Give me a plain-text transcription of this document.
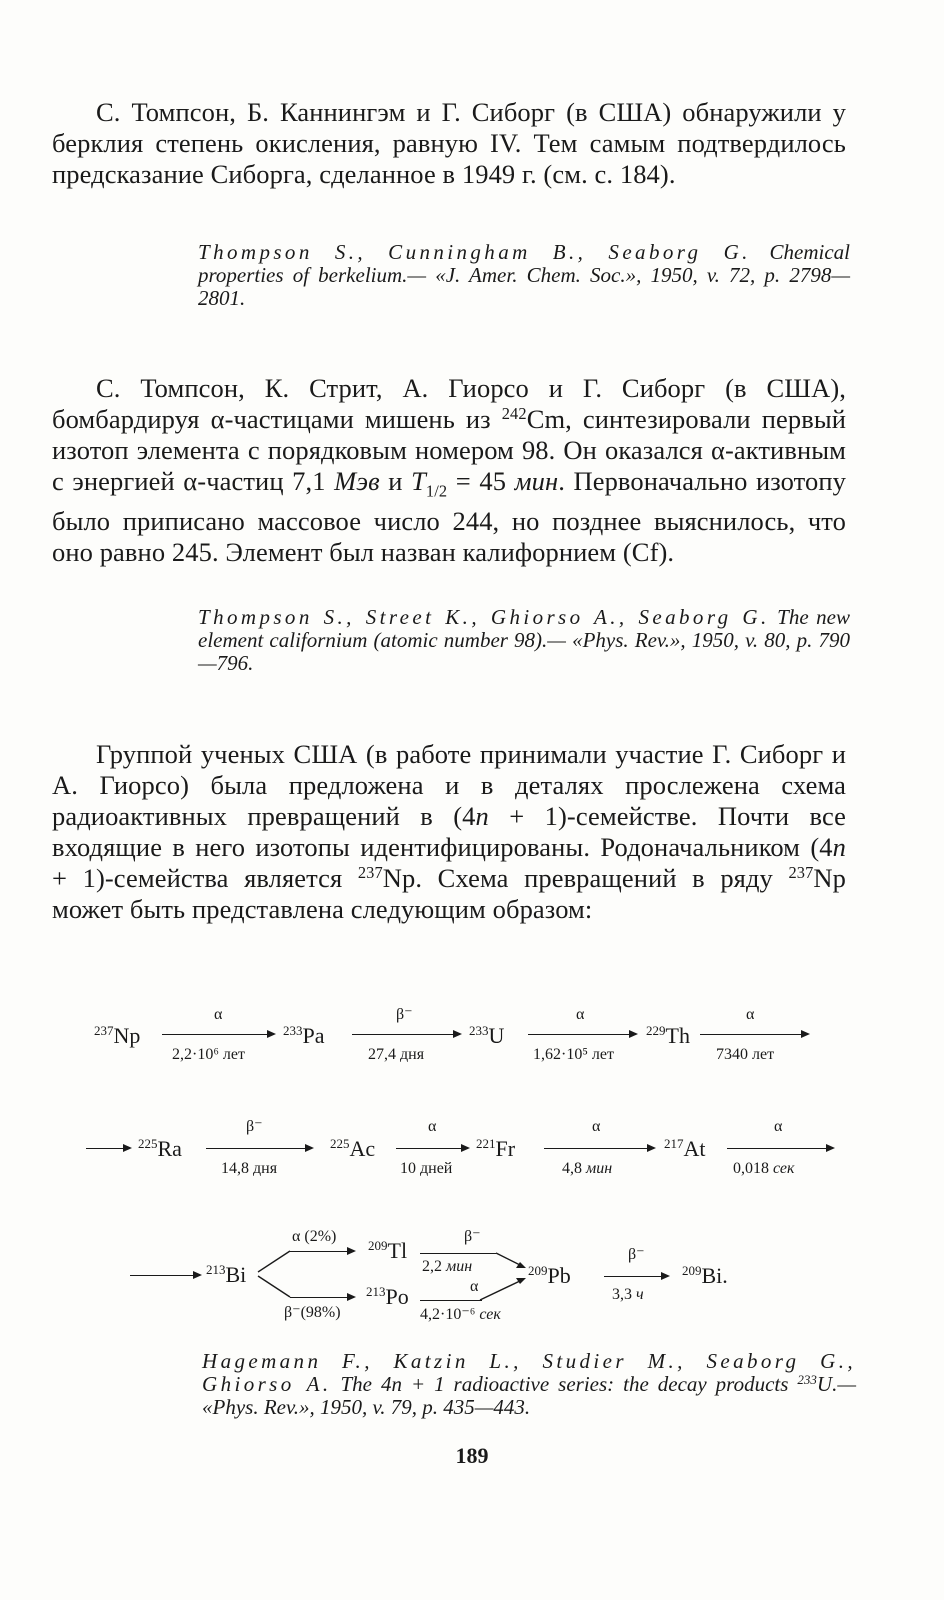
С. Томпсон, Б. Каннингэм и Г. Сиборг (в США) обнаружили у берклия степень окисления, равную IV. Тем самым подтвердилось предсказание Сиборга, сделанное в 1949 г. (см. с. 184).

Thompson S., Cunningham B., Seaborg G. Chemical properties of berkelium.— «J. Amer. Chem. Soc.», 1950, v. 72, p. 2798—2801.

С. Томпсон, К. Стрит, А. Гиорсо и Г. Сиборг (в США), бомбардируя α-частицами мишень из $^{242}$Cm, синтезировали первый изотоп элемента с порядковым номером 98. Он оказался α-активным с энергией α-частиц 7,1 Мэв и $T_{1/2} = 45$ мин. Первоначально изотопу было приписано массовое число 244, но позднее выяснилось, что оно равно 245. Элемент был назван калифорнием (Cf).

Thompson S., Street K., Ghiorso A., Seaborg G. The new element californium (atomic number 98).— «Phys. Rev.», 1950, v. 80, p. 790—796.

Группой ученых США (в работе принимали участие Г. Сиборг и А. Гиорсо) была предложена и в деталях прослежена схема радиоактивных превращений в (4n + 1)-семействе. Почти все входящие в него изотопы идентифицированы. Родоначальником (4n + 1)-семейства является $^{237}$Np. Схема превращений в ряду $^{237}$Np может быть представлена следующим образом:

$^{237}$Np
α
2,2·10⁶ лет
$^{233}$Pa
β⁻
27,4 дня
$^{233}$U
α
1,62·10⁵ лет
$^{229}$Th
α
7340 лет
$^{225}$Ra
β⁻
14,8 дня
$^{225}$Ac
α
10 дней
$^{221}$Fr
α
4,8 мин
$^{217}$At
α
0,018 сек
$^{213}$Bi
α (2%)
$^{209}$Tl
β⁻
2,2 мин
β⁻(98%)
$^{213}$Po	α
4,2·10⁻⁶ сек
$^{209}$Pb
β⁻
3,3 ч
$^{209}$Bi.
Hagemann F., Katzin L., Studier M., Seaborg G., Ghiorso A. The 4n + 1 radioactive series: the decay products $^{233}$U.— «Phys. Rev.», 1950, v. 79, p. 435—443.
189
